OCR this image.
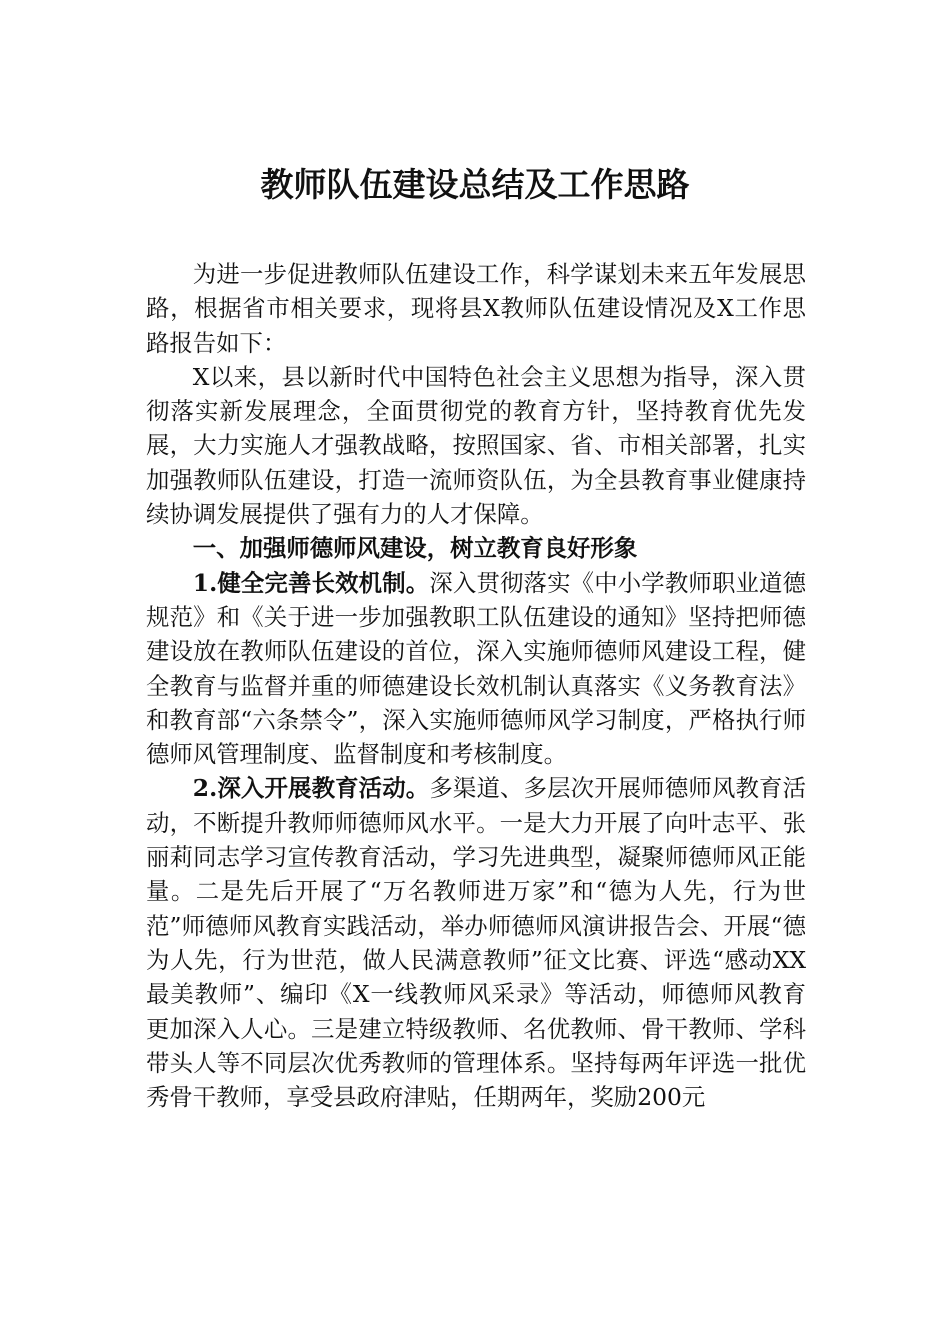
教师队伍建设总结及工作思路

为进一步促进教师队伍建设工作，科学谋划未来五年发展思路，根据省市相关要求，现将县X教师队伍建设情况及X工作思路报告如下：

X以来，县以新时代中国特色社会主义思想为指导，深入贯彻落实新发展理念，全面贯彻党的教育方针，坚持教育优先发展，大力实施人才强教战略，按照国家、省、市相关部署，扎实加强教师队伍建设，打造一流师资队伍，为全县教育事业健康持续协调发展提供了强有力的人才保障。

一、加强师德师风建设，树立教育良好形象

1.健全完善长效机制。深入贯彻落实《中小学教师职业道德规范》和《关于进一步加强教职工队伍建设的通知》坚持把师德建设放在教师队伍建设的首位，深入实施师德师风建设工程，健全教育与监督并重的师德建设长效机制认真落实《义务教育法》和教育部“六条禁令”，深入实施师德师风学习制度，严格执行师德师风管理制度、监督制度和考核制度。

2.深入开展教育活动。多渠道、多层次开展师德师风教育活动，不断提升教师师德师风水平。一是大力开展了向叶志平、张丽莉同志学习宣传教育活动，学习先进典型，凝聚师德师风正能量。二是先后开展了“万名教师进万家”和“德为人先，行为世范”师德师风教育实践活动，举办师德师风演讲报告会、开展“德为人先，行为世范，做人民满意教师”征文比赛、评选“感动XX最美教师”、编印《X一线教师风采录》等活动，师德师风教育更加深入人心。三是建立特级教师、名优教师、骨干教师、学科带头人等不同层次优秀教师的管理体系。坚持每两年评选一批优秀骨干教师，享受县政府津贴，任期两年，奖励200元
